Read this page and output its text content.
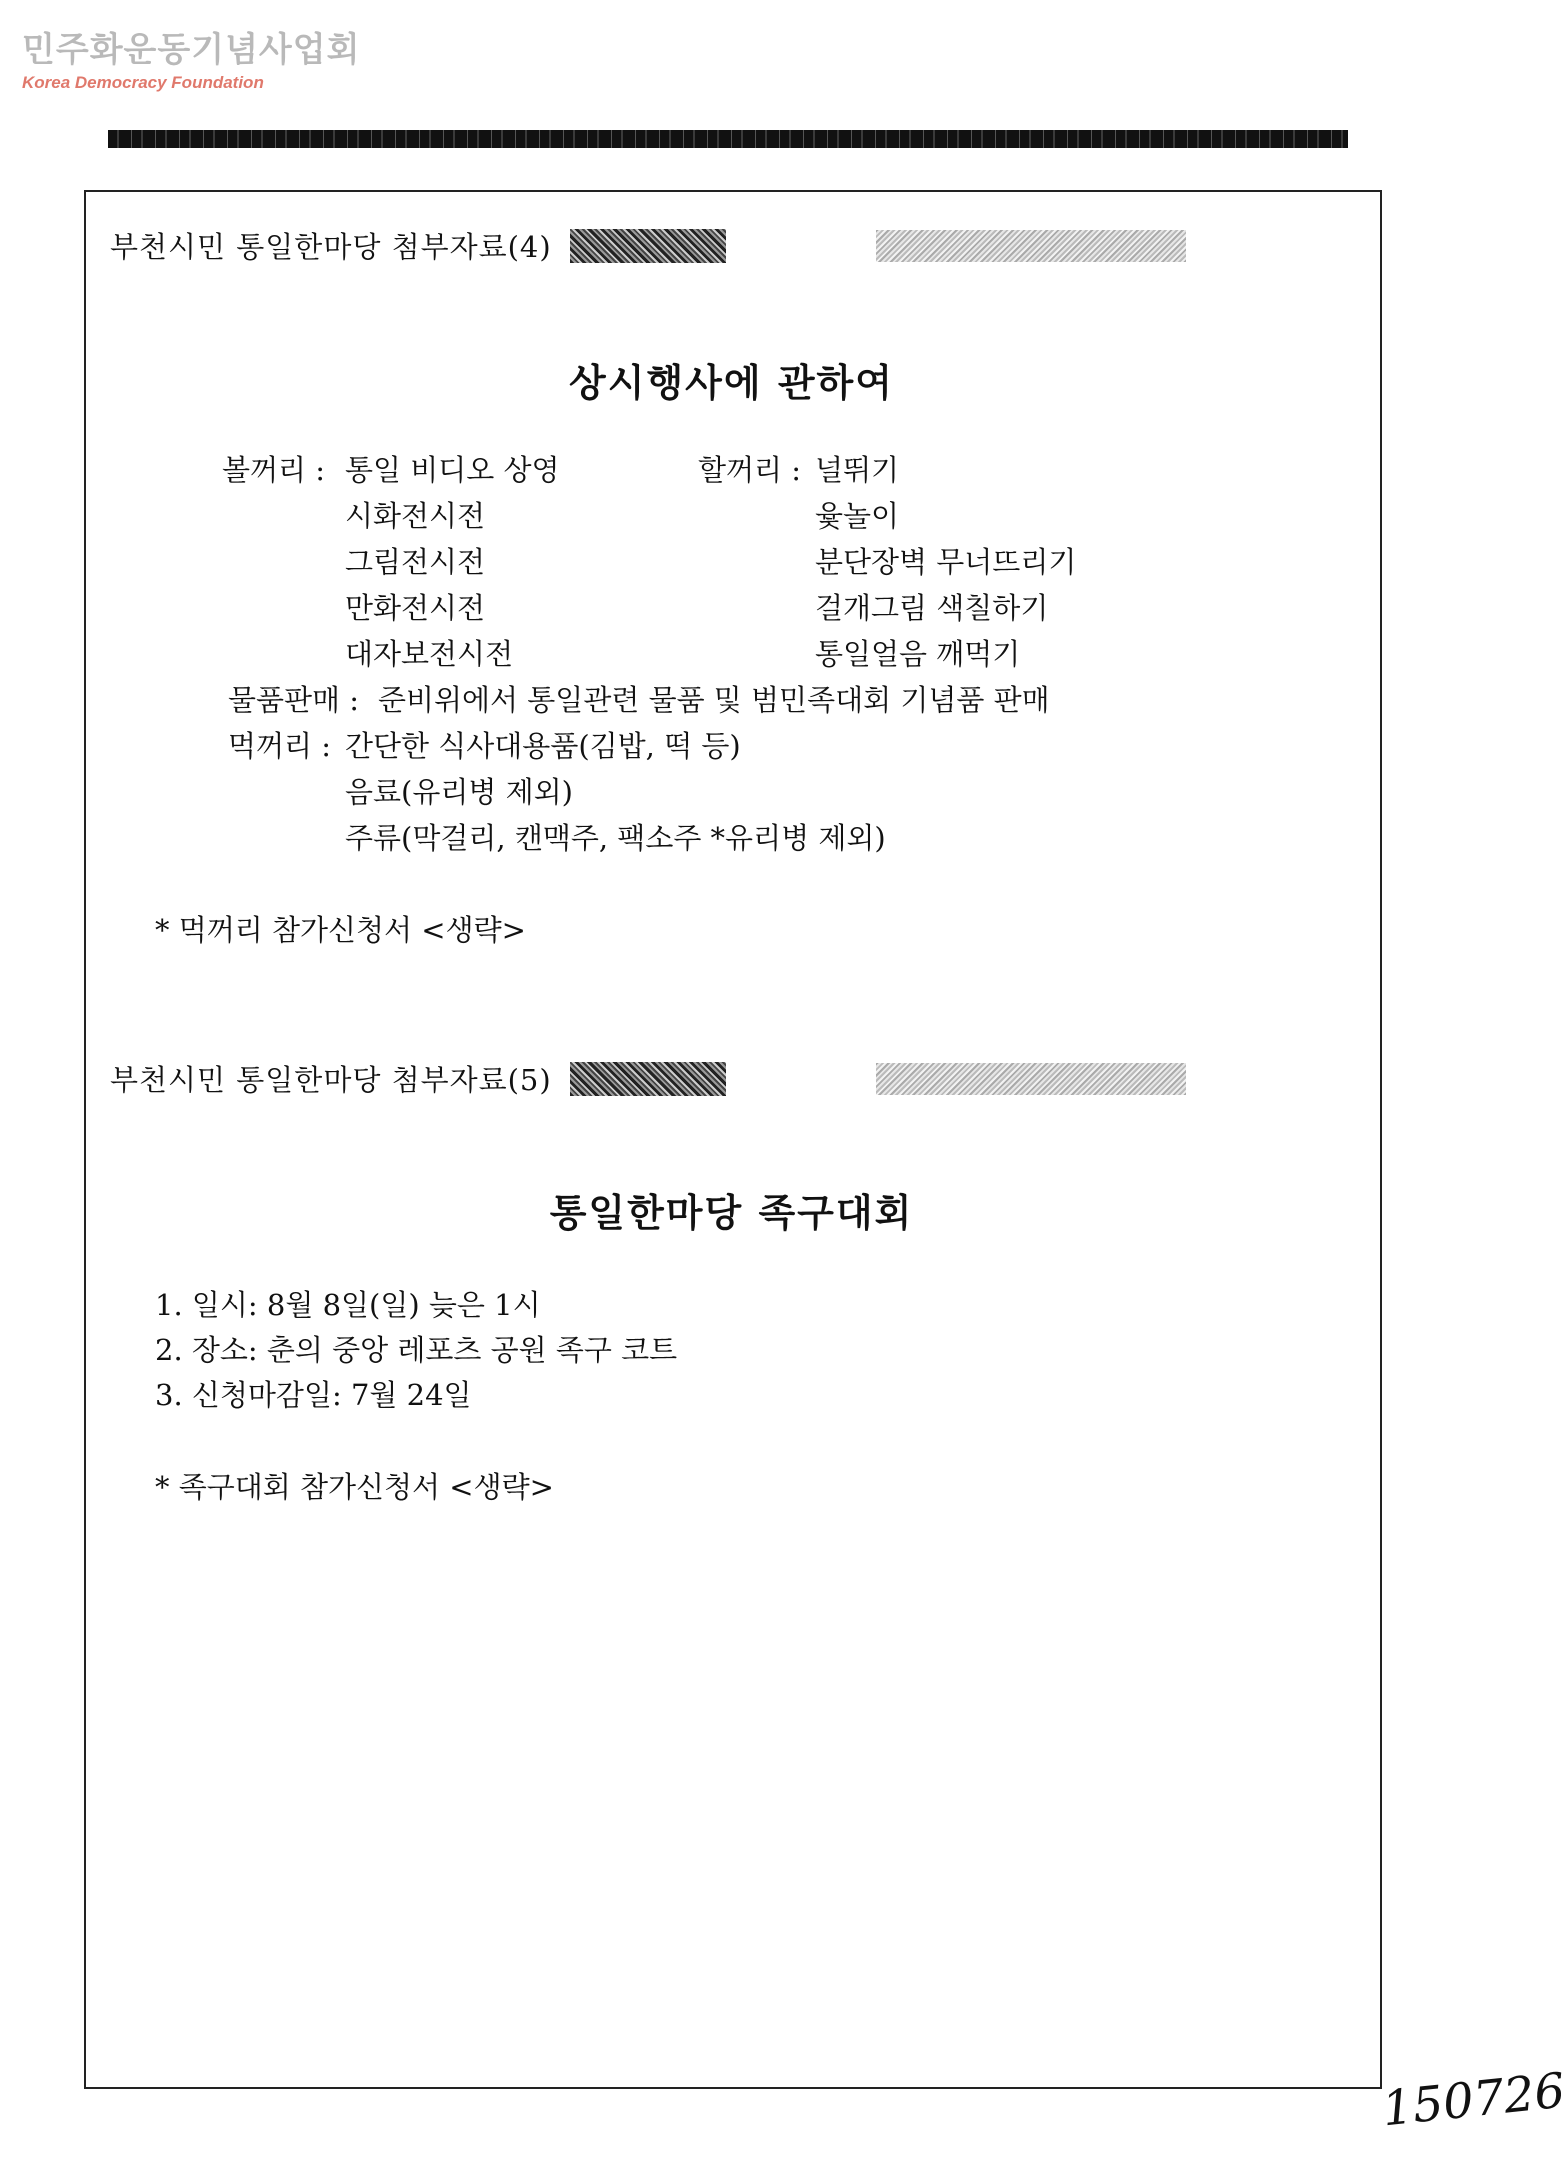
민주화운동기념사업회
Korea Democracy Foundation
부천시민 통일한마당 첨부자료(4)
상시행사에 관하여
볼꺼리 : 통일 비디오 상영
시화전시전
그림전시전
만화전시전
대자보전시전
할꺼리 : 널뛰기
윷놀이
분단장벽 무너뜨리기
걸개그림 색칠하기
통일얼음 깨먹기
물품판매 : 준비위에서 통일관련 물품 및 범민족대회 기념품 판매
먹꺼리 : 간단한 식사대용품(김밥, 떡 등)
음료(유리병 제외)
주류(막걸리, 캔맥주, 팩소주 *유리병 제외)
* 먹꺼리 참가신청서 <생략>
부천시민 통일한마당 첨부자료(5)
통일한마당 족구대회
1. 일시: 8월 8일(일) 늦은 1시
2. 장소: 춘의 중앙 레포츠 공원 족구 코트
3. 신청마감일: 7월 24일
* 족구대회 참가신청서 <생략>
150726
